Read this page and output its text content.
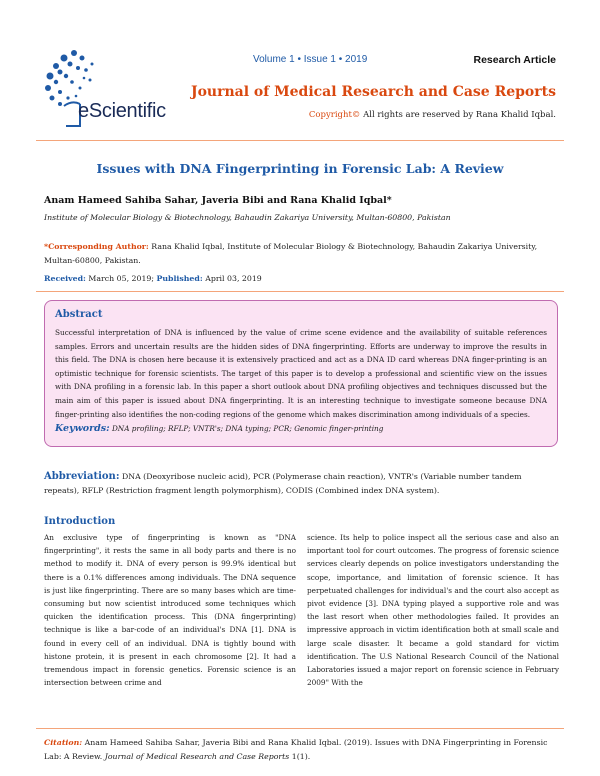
eScientific
Volume 1 • Issue 1 • 2019	Research Article
Journal of Medical Research and Case Reports
Copyright© All rights are reserved by Rana Khalid Iqbal.
Issues with DNA Fingerprinting in Forensic Lab: A Review
Anam Hameed Sahiba Sahar, Javeria Bibi and Rana Khalid Iqbal*
Institute of Molecular Biology & Biotechnology, Bahaudin Zakariya University, Multan-60800, Pakistan
*Corresponding Author: Rana Khalid Iqbal, Institute of Molecular Biology & Biotechnology, Bahaudin Zakariya University, Multan-60800, Pakistan.
Received: March 05, 2019; Published: April 03, 2019
Abstract
Successful interpretation of DNA is influenced by the value of crime scene evidence and the availability of suitable references samples. Errors and uncertain results are the hidden sides of DNA fingerprinting. Efforts are underway to improve the results in this field. The DNA is chosen here because it is extensively practiced and act as a DNA ID card whereas DNA finger-printing is an optimistic technique for forensic scientists. The target of this paper is to develop a professional and scientific view on the issues with DNA profiling in a forensic lab. In this paper a short outlook about DNA profiling objectives and techniques discussed but the main aim of this paper is issued about DNA fingerprinting. It is an interesting technique to investigate someone because DNA finger-printing also identifies the non-coding regions of the genome which makes discrimination among individuals of a species.
Keywords: DNA profiling; RFLP; VNTR's; DNA typing; PCR; Genomic finger-printing
Abbreviation: DNA (Deoxyribose nucleic acid), PCR (Polymerase chain reaction), VNTR's (Variable number tandem repeats), RFLP (Restriction fragment length polymorphism), CODIS (Combined index DNA system).
Introduction
An exclusive type of fingerprinting is known as "DNA fingerprinting", it rests the same in all body parts and there is no method to modify it. DNA of every person is 99.9% identical but there is a 0.1% differences among individuals. The DNA sequence is just like fingerprinting. There are so many bases which are time-consuming but now scientist introduced some techniques which quicken the identification process. This (DNA fingerprinting) technique is like a bar-code of an individual's DNA [1]. DNA is found in every cell of an individual. DNA is tightly bound with histone protein, it is present in each chromosome [2]. It had a tremendous impact in forensic genetics. Forensic science is an intersection between crime and
science. Its help to police inspect all the serious case and also an important tool for court outcomes. The progress of forensic science services clearly depends on police investigators understanding the scope, importance, and limitation of forensic science. It has perpetuated challenges for individual's and the court also accept as pivot evidence [3]. DNA typing played a supportive role and was the last resort when other methodologies failed. It provides an impressive approach in victim identification both at small scale and large scale disaster. It became a gold standard for victim identification. The U.S National Research Council of the National Laboratories issued a major report on forensic science in February 2009" With the
Citation: Anam Hameed Sahiba Sahar, Javeria Bibi and Rana Khalid Iqbal. (2019). Issues with DNA Fingerprinting in Forensic Lab: A Review. Journal of Medical Research and Case Reports 1(1).
